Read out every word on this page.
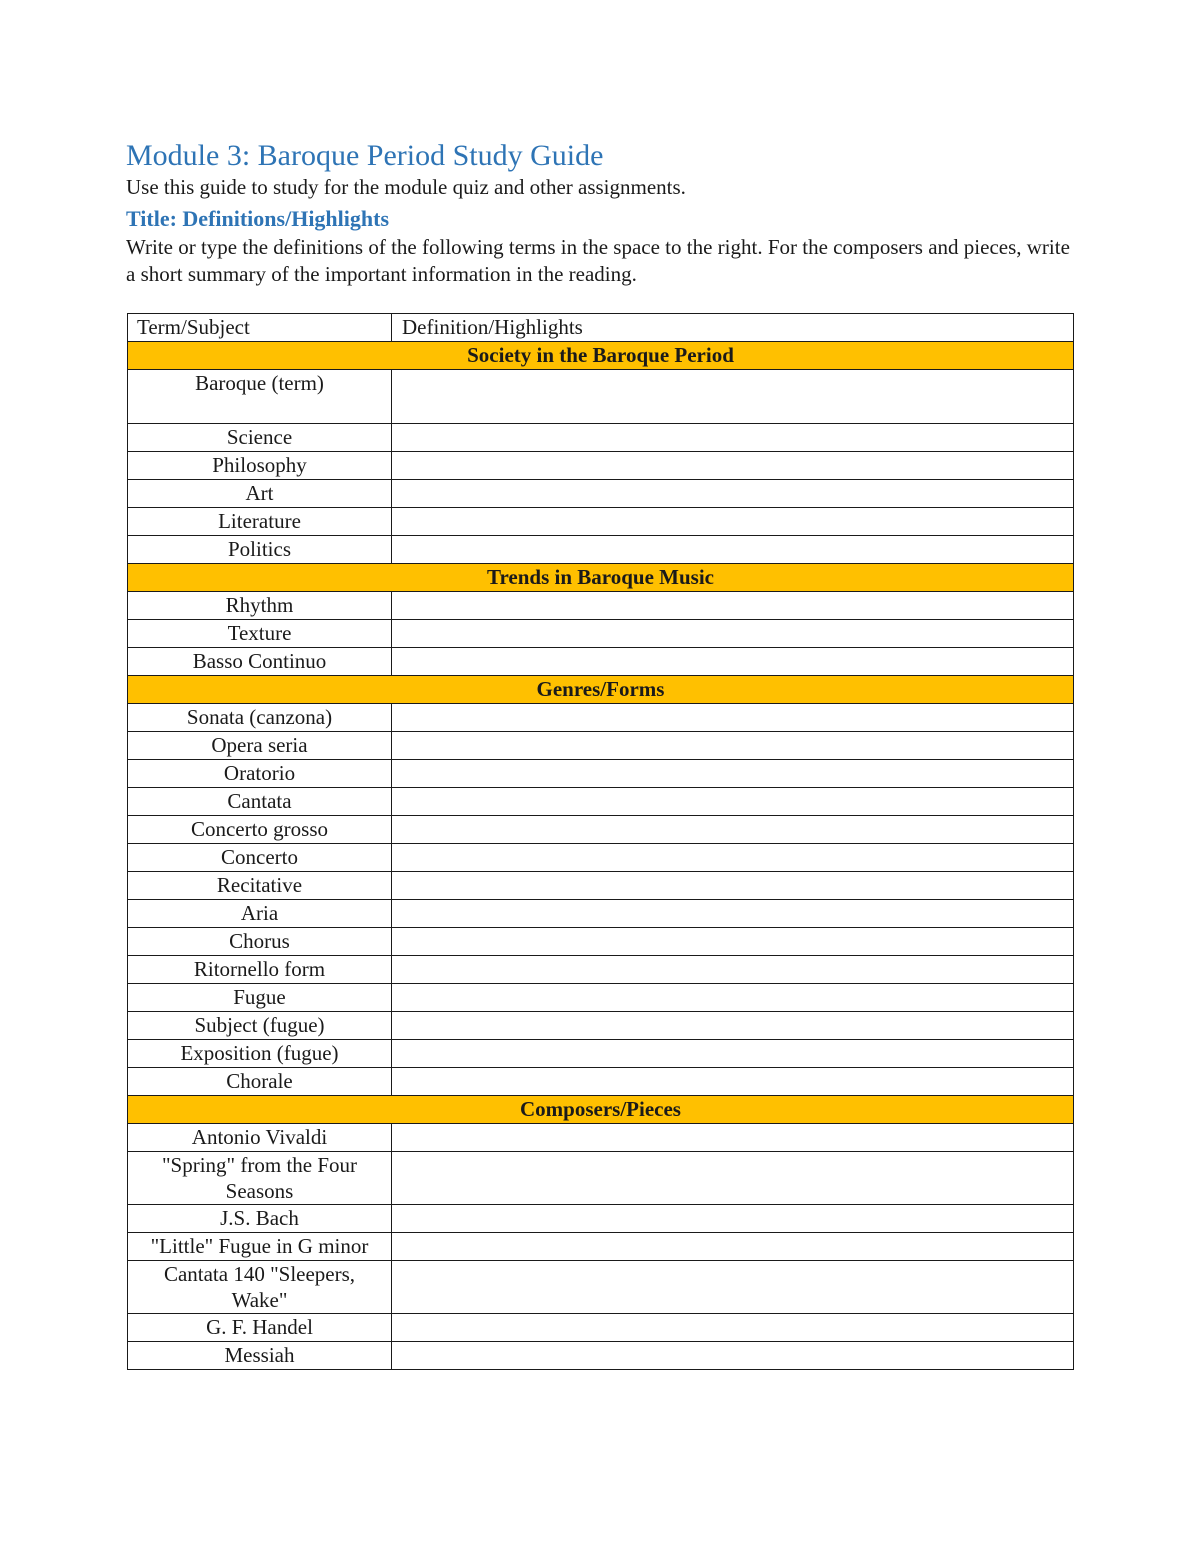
Module 3: Baroque Period Study Guide

Use this guide to study for the module quiz and other assignments.

Title: Definitions/Highlights

Write or type the definitions of the following terms in the space to the right. For the composers and pieces, write a short summary of the important information in the reading.

Term/Subject	Definition/Highlights
Society in the Baroque Period	
Baroque (term)	
Science	
Philosophy	
Art	
Literature	
Politics	
Trends in Baroque Music	
Rhythm	
Texture	
Basso Continuo	
Genres/Forms	
Sonata (canzona)	
Opera seria	
Oratorio	
Cantata	
Concerto grosso	
Concerto	
Recitative	
Aria	
Chorus	
Ritornello form	
Fugue	
Subject (fugue)	
Exposition (fugue)	
Chorale	
Composers/Pieces	
Antonio Vivaldi	
"Spring" from the Four Seasons	
J.S. Bach	
"Little" Fugue in G minor	
Cantata 140 "Sleepers, Wake"	
G. F. Handel	
Messiah	
